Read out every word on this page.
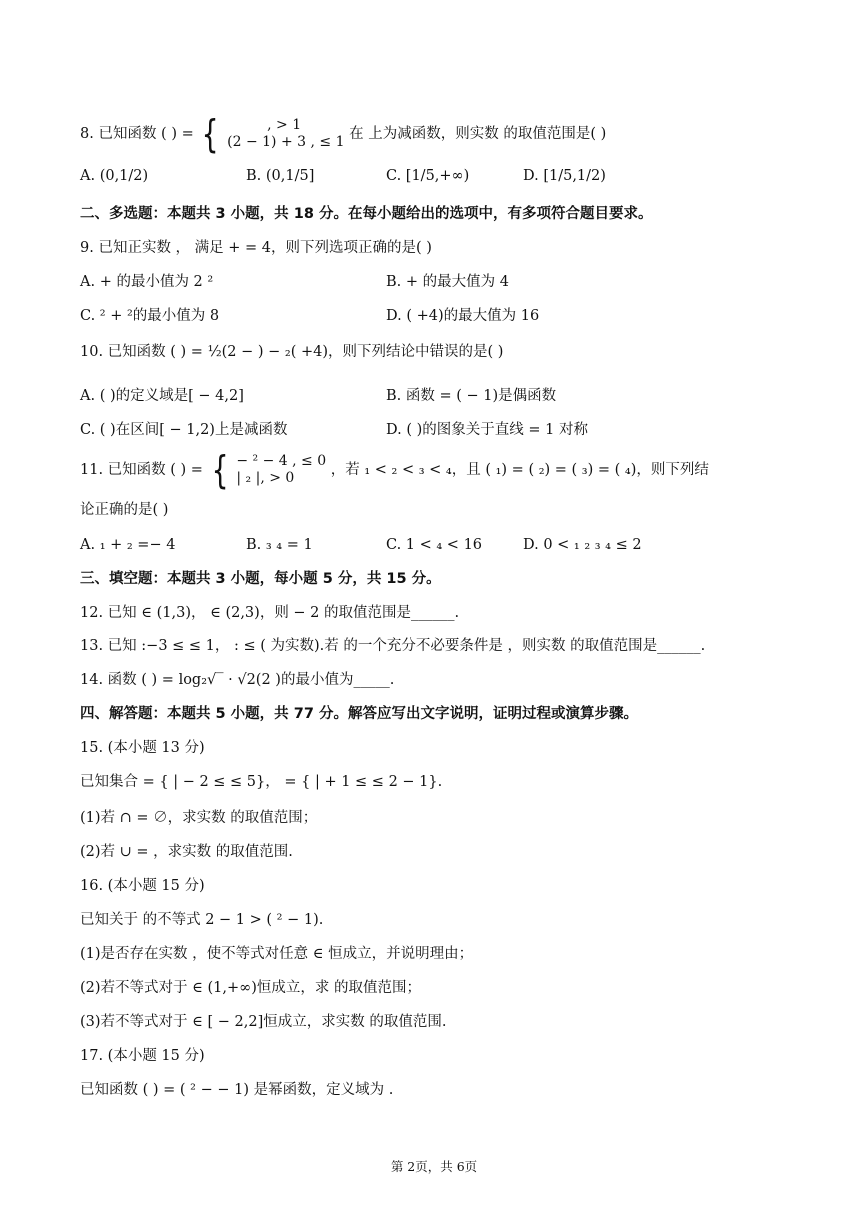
8. 已知函数 ( ) = {	, > 1
(2 − 1) + 3 , ≤ 1 在 上为减函数，则实数 的取值范围是( )
A. (0,1/2)	B. (0,1/5]	C. [1/5,+∞)	D. [1/5,1/2)
二、多选题：本题共 3 小题，共 18 分。在每小题给出的选项中，有多项符合题目要求。
9. 已知正实数 ， 满足 + = 4，则下列选项正确的是( )
A. + 的最小值为 2 ²	B. + 的最大值为 4
C. ² + ²的最小值为 8	D. ( +4)的最大值为 16
10. 已知函数 ( ) = ½(2 − ) − ₂( +4)，则下列结论中错误的是( )
A. ( )的定义域是[ − 4,2]	B. 函数 = ( − 1)是偶函数
C. ( )在区间[ − 1,2)上是减函数	D. ( )的图象关于直线 = 1 对称
11. 已知函数 ( ) = { − ² − 4 , ≤ 0
| ₂ |, > 0	，若 ₁ < ₂ < ₃ < ₄，且 ( ₁) = ( ₂) = ( ₃) = ( ₄)，则下列结
论正确的是( )
A. ₁ + ₂ =− 4	B. ₃ ₄ = 1	C. 1 < ₄ < 16	D. 0 < ₁ ₂ ₃ ₄ ≤ 2
三、填空题：本题共 3 小题，每小题 5 分，共 15 分。
12. 已知 ∈ (1,3)， ∈ (2,3)，则 − 2 的取值范围是______.
13. 已知 :−3 ≤ ≤ 1， : ≤ ( 为实数).若 的一个充分不必要条件是 ，则实数 的取值范围是______.
14. 函数 ( ) = log₂√‾ · √2(2 )的最小值为_____.
四、解答题：本题共 5 小题，共 77 分。解答应写出文字说明，证明过程或演算步骤。
15. (本小题 13 分)
已知集合 = { | − 2 ≤ ≤ 5}， = { | + 1 ≤ ≤ 2 − 1}.
(1)若 ∩ = ∅，求实数 的取值范围；
(2)若 ∪ = ，求实数 的取值范围.
16. (本小题 15 分)
已知关于 的不等式 2 − 1 > ( ² − 1).
(1)是否存在实数 ，使不等式对任意 ∈ 恒成立，并说明理由；
(2)若不等式对于 ∈ (1,+∞)恒成立，求 的取值范围；
(3)若不等式对于 ∈ [ − 2,2]恒成立，求实数 的取值范围.
17. (本小题 15 分)
已知函数 ( ) = ( ² − − 1) 是幂函数，定义域为 .
第 2页，共 6页
